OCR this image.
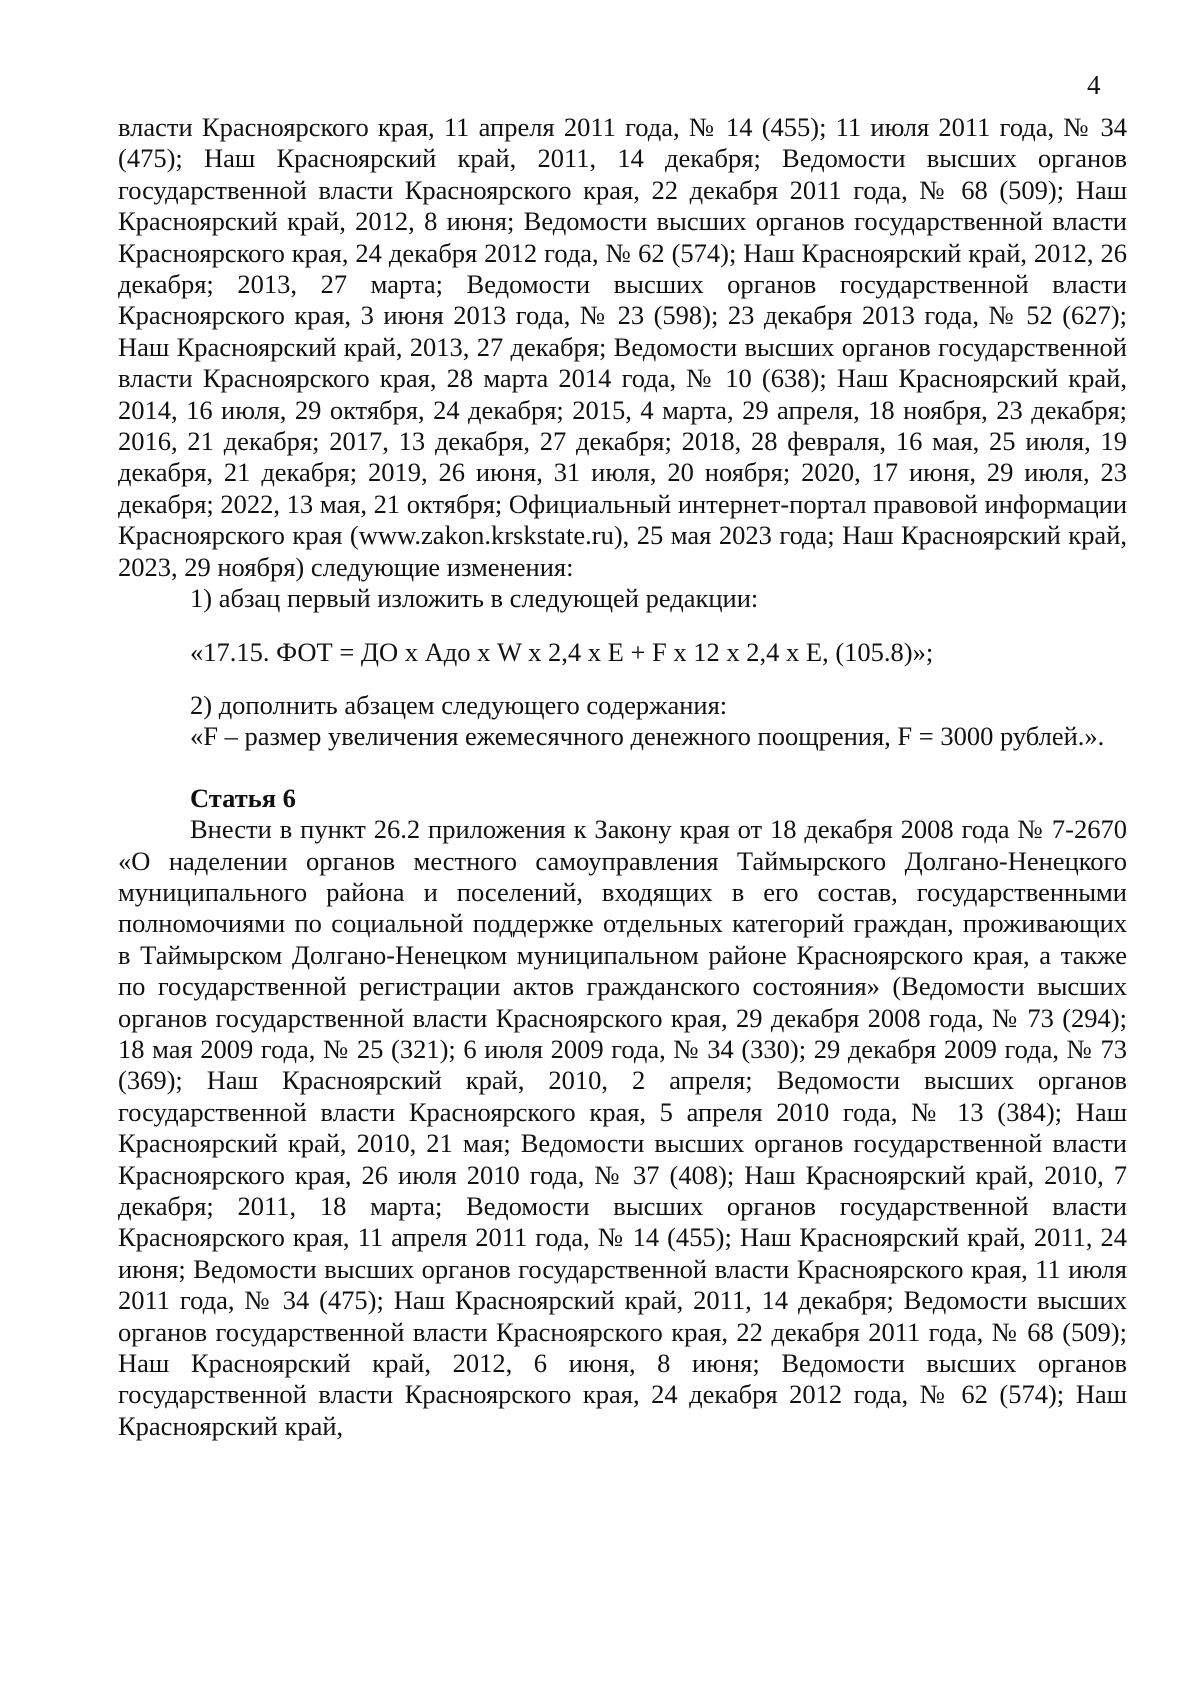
4

власти Красноярского края, 11 апреля 2011 года, № 14 (455); 11 июля 2011 года, № 34 (475); Наш Красноярский край, 2011, 14 декабря; Ведомости высших органов государственной власти Красноярского края, 22 декабря 2011 года, № 68 (509); Наш Красноярский край, 2012, 8 июня; Ведомости высших органов государственной власти Красноярского края, 24 декабря 2012 года, № 62 (574); Наш Красноярский край, 2012, 26 декабря; 2013, 27 марта; Ведомости высших органов государственной власти Красноярского края, 3 июня 2013 года, № 23 (598); 23 декабря 2013 года, № 52 (627); Наш Красноярский край, 2013, 27 декабря; Ведомости высших органов государственной власти Красноярского края, 28 марта 2014 года, № 10 (638); Наш Красноярский край, 2014, 16 июля, 29 октября, 24 декабря; 2015, 4 марта, 29 апреля, 18 ноября, 23 декабря; 2016, 21 декабря; 2017, 13 декабря, 27 декабря; 2018, 28 февраля, 16 мая, 25 июля, 19 декабря, 21 декабря; 2019, 26 июня, 31 июля, 20 ноября; 2020, 17 июня, 29 июля, 23 декабря; 2022, 13 мая, 21 октября; Официальный интернет-портал правовой информации Красноярского края (www.zakon.krskstate.ru), 25 мая 2023 года; Наш Красноярский край, 2023, 29 ноября) следующие изменения:

1) абзац первый изложить в следующей редакции:

«17.15. ФОТ = ДО х Адо х W х 2,4 х Е + F х 12 х 2,4 х Е, (105.8)»;

2) дополнить абзацем следующего содержания:

«F – размер увеличения ежемесячного денежного поощрения, F = 3000 рублей.».

Статья 6

Внести в пункт 26.2 приложения к Закону края от 18 декабря 2008 года № 7-2670 «О наделении органов местного самоуправления Таймырского Долгано-Ненецкого муниципального района и поселений, входящих в его состав, государственными полномочиями по социальной поддержке отдельных категорий граждан, проживающих в Таймырском Долгано-Ненецком муниципальном районе Красноярского края, а также по государственной регистрации актов гражданского состояния» (Ведомости высших органов государственной власти Красноярского края, 29 декабря 2008 года, № 73 (294); 18 мая 2009 года, № 25 (321); 6 июля 2009 года, № 34 (330); 29 декабря 2009 года, № 73 (369); Наш Красноярский край, 2010, 2 апреля; Ведомости высших органов государственной власти Красноярского края, 5 апреля 2010 года, № 13 (384); Наш Красноярский край, 2010, 21 мая; Ведомости высших органов государственной власти Красноярского края, 26 июля 2010 года, № 37 (408); Наш Красноярский край, 2010, 7 декабря; 2011, 18 марта; Ведомости высших органов государственной власти Красноярского края, 11 апреля 2011 года, № 14 (455); Наш Красноярский край, 2011, 24 июня; Ведомости высших органов государственной власти Красноярского края, 11 июля 2011 года, № 34 (475); Наш Красноярский край, 2011, 14 декабря; Ведомости высших органов государственной власти Красноярского края, 22 декабря 2011 года, № 68 (509); Наш Красноярский край, 2012, 6 июня, 8 июня; Ведомости высших органов государственной власти Красноярского края, 24 декабря 2012 года, № 62 (574); Наш Красноярский край,
